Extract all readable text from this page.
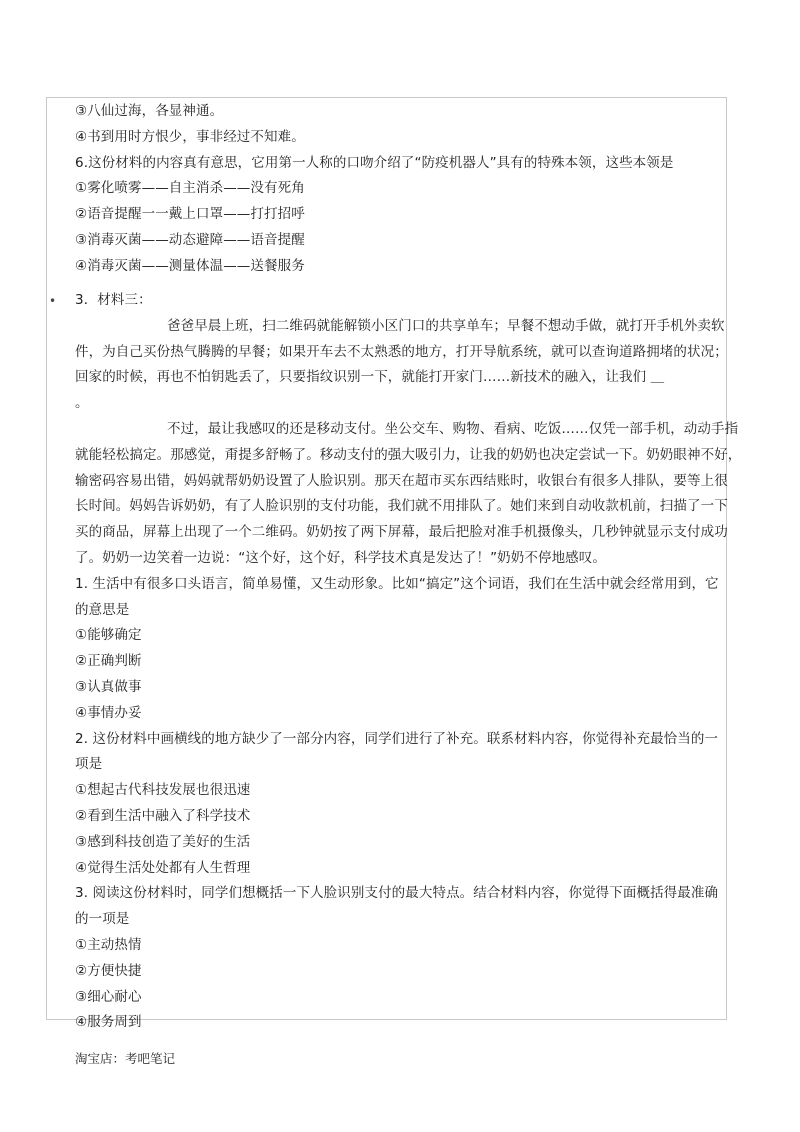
③八仙过海，各显神通。

④书到用时方恨少，事非经过不知难。

6.这份材料的内容真有意思，它用第一人称的口吻介绍了“防疫机器人”具有的特殊本领，这些本领是

①雾化喷雾——自主消杀——没有死角

②语音提醒一一戴上口罩——打打招呼

③消毒灭菌——动态避障——语音提醒

④消毒灭菌——测量体温——送餐服务

• 3．材料三：

爸爸早晨上班，扫二维码就能解锁小区门口的共享单车；早餐不想动手做，就打开手机外卖软

件，为自己买份热气腾腾的早餐；如果开车去不太熟悉的地方，打开导航系统，就可以查询道路拥堵的状况；

回家的时候，再也不怕钥匙丢了，只要指纹识别一下，就能打开家门……新技术的融入，让我们 ＿

。

不过，最让我感叹的还是移动支付。坐公交车、购物、看病、吃饭……仅凭一部手机，动动手指

就能轻松搞定。那感觉，甭提多舒畅了。移动支付的强大吸引力，让我的奶奶也决定尝试一下。奶奶眼神不好，

输密码容易出错，妈妈就帮奶奶设置了人脸识别。那天在超市买东西结账时，收银台有很多人排队，要等上很

长时间。妈妈告诉奶奶，有了人脸识别的支付功能，我们就不用排队了。她们来到自动收款机前，扫描了一下

买的商品，屏幕上出现了一个二维码。奶奶按了两下屏幕，最后把脸对准手机摄像头，几秒钟就显示支付成功

了。奶奶一边笑着一边说：“这个好，这个好，科学技术真是发达了！”奶奶不停地感叹。

1. 生活中有很多口头语言，简单易懂，又生动形象。比如“搞定”这个词语，我们在生活中就会经常用到，它

的意思是

①能够确定

②正确判断

③认真做事

④事情办妥

2. 这份材料中画横线的地方缺少了一部分内容，同学们进行了补充。联系材料内容，你觉得补充最恰当的一

项是

①想起古代科技发展也很迅速

②看到生活中融入了科学技术

③感到科技创造了美好的生活

④觉得生活处处都有人生哲理

3. 阅读这份材料时，同学们想概括一下人脸识别支付的最大特点。结合材料内容，你觉得下面概括得最准确

的一项是

①主动热情

②方便快捷

③细心耐心

④服务周到

淘宝店：考吧笔记
